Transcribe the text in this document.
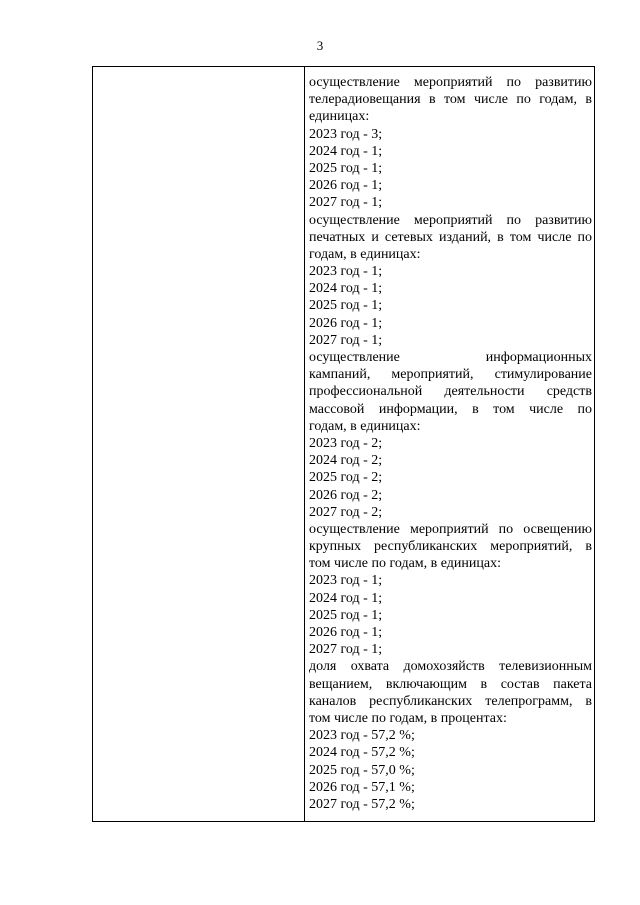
3
осуществление мероприятий по развитию
телерадиовещания в том числе по годам, в
единицах:
2023 год - 3;
2024 год - 1;
2025 год - 1;
2026 год - 1;
2027 год - 1;
осуществление мероприятий по развитию
печатных и сетевых изданий, в том числе по
годам, в единицах:
2023 год - 1;
2024 год - 1;
2025 год - 1;
2026 год - 1;
2027 год - 1;
осуществление информационных
кампаний, мероприятий, стимулирование
профессиональной деятельности средств
массовой информации, в том числе по
годам, в единицах:
2023 год - 2;
2024 год - 2;
2025 год - 2;
2026 год - 2;
2027 год - 2;
осуществление мероприятий по освещению
крупных республиканских мероприятий, в
том числе по годам, в единицах:
2023 год - 1;
2024 год - 1;
2025 год - 1;
2026 год - 1;
2027 год - 1;
доля охвата домохозяйств телевизионным
вещанием, включающим в состав пакета
каналов республиканских телепрограмм, в
том числе по годам, в процентах:
2023 год - 57,2 %;
2024 год - 57,2 %;
2025 год - 57,0 %;
2026 год - 57,1 %;
2027 год - 57,2 %;
